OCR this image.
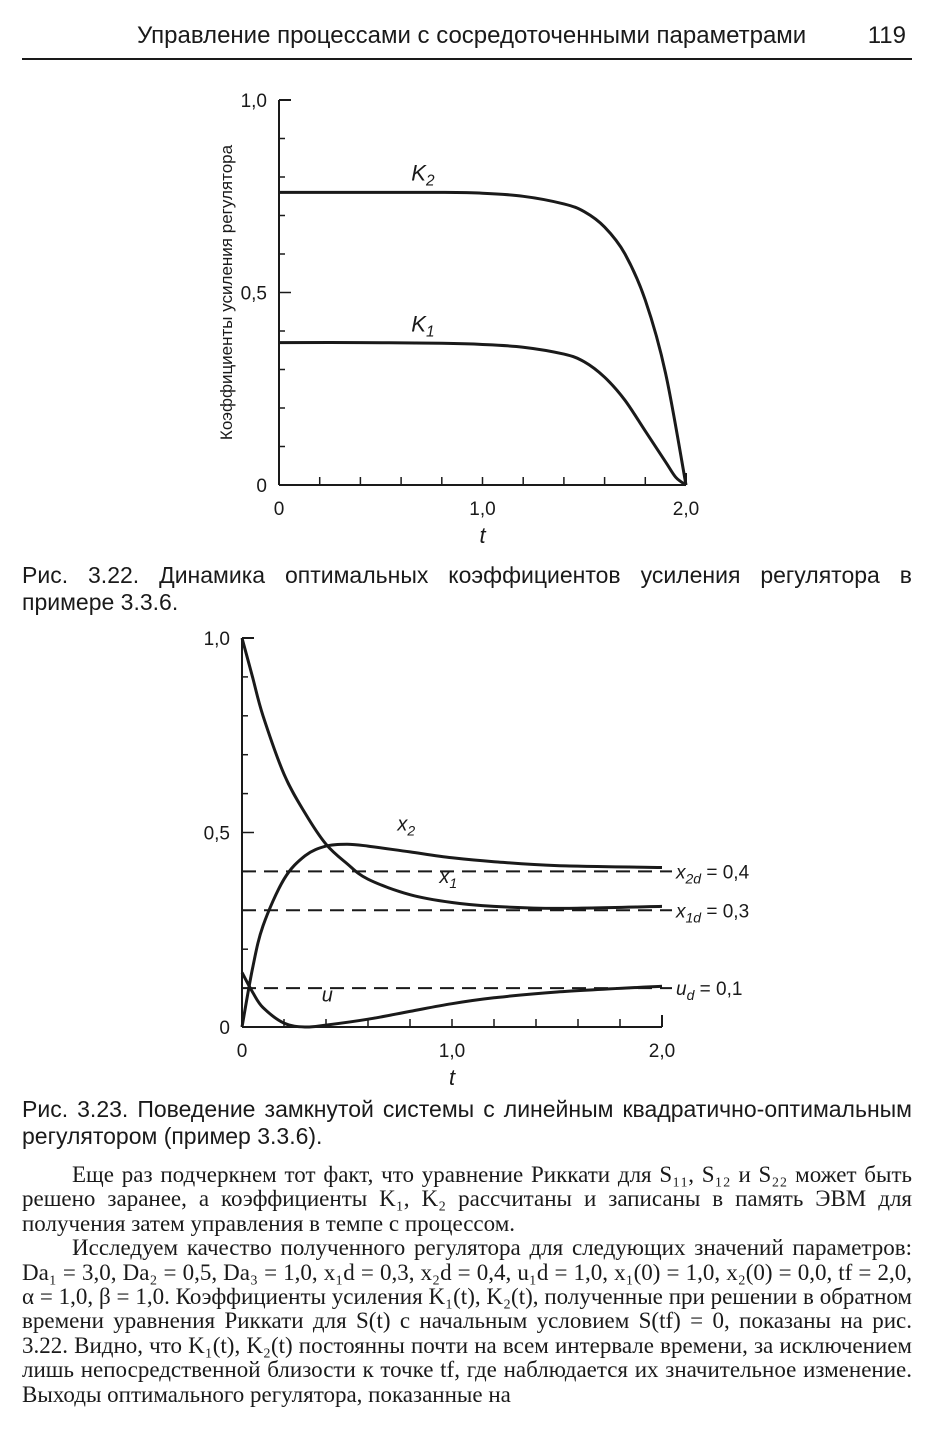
Управление процессами с сосредоточенными параметрами	119
0	1,0	2,0
0
0,5
1,0
t
Коэффициенты усиления регулятора	$K_2$
$K_1$
Рис. 3.22. Динамика оптимальных коэффициентов усиления регулятора в примере 3.3.6.
0	1,0	2,0
0
0,5
1,0
$x_{2d} = 0,4$
$x_{1d} = 0,3$
$u_d = 0,1$
t
$x_2$
$x_1$
u
Рис. 3.23. Поведение замкнутой системы с линейным квадратично-оптимальным регулятором (пример 3.3.6).

Еще раз подчеркнем тот факт, что уравнение Риккати для S₁₁, S₁₂ и S₂₂ может быть решено заранее, а коэффициенты K₁, K₂ рассчитаны и записаны в память ЭВМ для получения затем управления в темпе с процессом.

Исследуем качество полученного регулятора для следующих значений параметров: Da₁ = 3,0, Da₂ = 0,5, Da₃ = 1,0, x₁d = 0,3, x₂d = 0,4, u₁d = 1,0, x₁(0) = 1,0, x₂(0) = 0,0, tf = 2,0, α = 1,0, β = 1,0. Коэффициенты усиления K₁(t), K₂(t), полученные при решении в обратном времени уравнения Риккати для S(t) с начальным условием S(tf) = 0, показаны на рис. 3.22. Видно, что K₁(t), K₂(t) постоянны почти на всем интервале времени, за исключением лишь непосредственной близости к точке tf, где наблюдается их значительное изменение. Выходы оптимального регулятора, показанные на
